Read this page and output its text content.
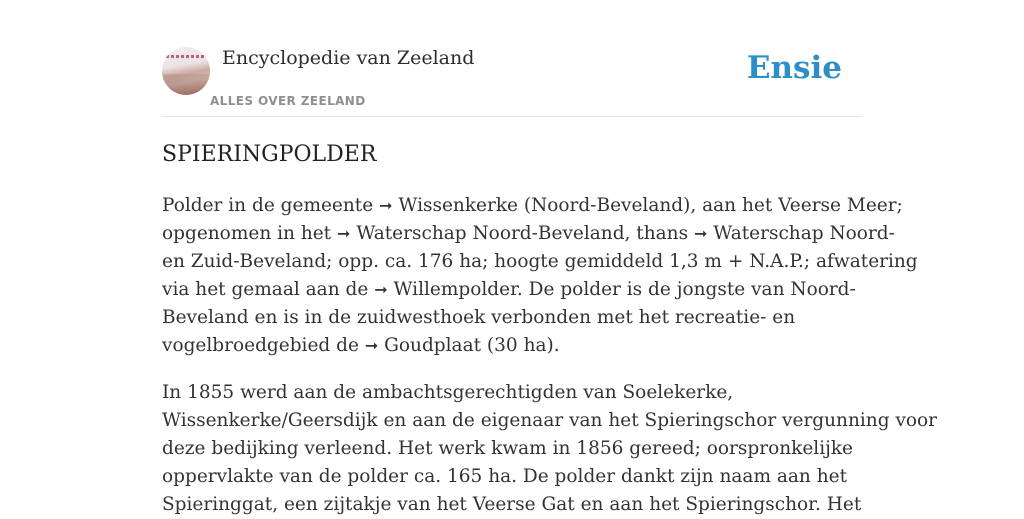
Encyclopedie van Zeeland
ALLES OVER ZEELAND
Ensie
SPIERINGPOLDER

Polder in de gemeente ➞ Wissenkerke (Noord-Beveland), aan het Veerse Meer;
opgenomen in het ➞ Waterschap Noord-Beveland, thans ➞ Waterschap Noord-
en Zuid-Beveland; opp. ca. 176 ha; hoogte gemiddeld 1,3 m + N.A.P.; afwatering
via het gemaal aan de ➞ Willempolder. De polder is de jongste van Noord-
Beveland en is in de zuidwesthoek verbonden met het recreatie- en
vogelbroedgebied de ➞ Goudplaat (30 ha).

In 1855 werd aan de ambachtsgerechtigden van Soelekerke,
Wissenkerke/Geersdijk en aan de eigenaar van het Spieringschor vergunning voor
deze bedijking verleend. Het werk kwam in 1856 gereed; oorspronkelijke
oppervlakte van de polder ca. 165 ha. De polder dankt zijn naam aan het
Spieringgat, een zijtakje van het Veerse Gat en aan het Spieringschor. Het
